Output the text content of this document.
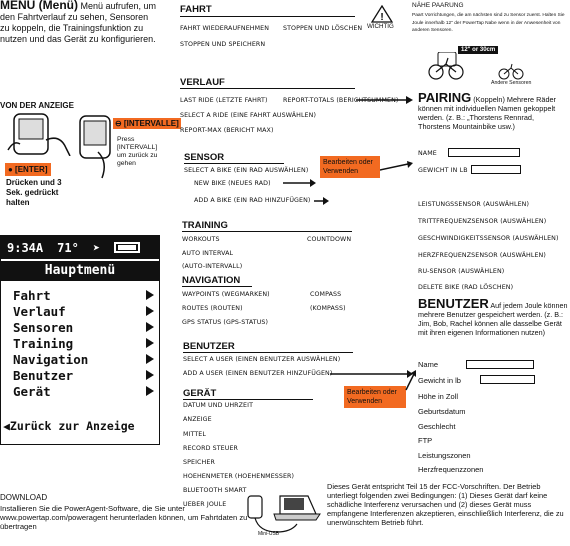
MENU (Menü) Menü aufrufen, um den Fahrtverlauf zu sehen, Sensoren zu koppeln, die Trainingsfunktion zu nutzen und das Gerät zu konfigurieren.
VON DER ANZEIGE
● [ENTER]
Drücken und 3 Sek. gedrückt halten
⊖ [INTERVALLE]
Press [INTERVALL] um zurück zu gehen
9:34A 71° ➤
Hauptmenü
Fahrt
Verlauf
Sensoren
Training
Navigation
Benutzer
Gerät
◀Zurück zur Anzeige
DOWNLOAD
Installieren Sie die PowerAgent-Software, die Sie unter www.powertap.com/poweragent herunterladen können, um Fahrtdaten zu übertragen
Mini-USB
FAHRT
FAHRT WIEDERAUFNEHMEN STOPPEN UND LÖSCHEN
STOPPEN UND SPEICHERN
!
WICHTIG
VERLAUF
LAST RIDE (LETZTE FAHRT) REPORT-TOTALS (BERICHTSUMMEN)
SELECT A RIDE (EINE FAHRT AUSWÄHLEN)
REPORT-MAX (BERICHT MAX)
SENSOR
SELECT A BIKE (EIN RAD AUSWÄHLEN)
NEW BIKE (NEUES RAD)
ADD A BIKE (EIN RAD HINZUFÜGEN)
Bearbeiten oder Verwenden
TRAINING
WORKOUTS	COUNTDOWN
AUTO INTERVAL
(AUTO-INTERVALL)
NAVIGATION
WAYPOINTS (WEGMARKEN)	COMPASS
ROUTES (ROUTEN)	(KOMPASS)
GPS STATUS (GPS-STATUS)
BENUTZER
SELECT A USER (EINEN BENUTZER AUSWÄHLEN)
ADD A USER (EINEN BENUTZER HINZUFÜGEN)
Bearbeiten oder Verwenden
GERÄT
DATUM UND UHRZEIT
ANZEIGE
MITTEL
RECORD STEUER
SPEICHER
HOEHENMETER (HOEHENMESSER)
BLUETOOTH SMART
UEBER JOULE
NÄHE PAARUNG
Paart Vorrichtungen, die am nächsten sind zu Sensor zuerst. Halten Sie Joule innerhalb 12" der PowerTap Nabe wenn in der Anwesenheit von anderen Sensoren.
12" or 30cm
Andere Sensoren
PAIRING (Koppeln) Mehrere Räder können mit individuellen Namen gekoppelt werden. (z. B.: „Thorstens Rennrad, Thorstens Mountainbike usw.)
NAME
GEWICHT IN LB
LEISTUNGSSENSOR (AUSWÄHLEN)
TRITTFREQUENZSENSOR (AUSWÄHLEN)
GESCHWINDIGKEITSSENSOR (AUSWÄHLEN)
HERZFREQUENZSENSOR (AUSWÄHLEN)
RU-SENSOR (AUSWÄHLEN)
DELETE BIKE (RAD LÖSCHEN)
BENUTZER Auf jedem Joule können mehrere Benutzer gespeichert werden. (z. B.: Jim, Bob, Rachel können alle dasselbe Gerät mit ihren eigenen Informationen nutzen)
Name
Gewicht in lb
Höhe in Zoll
Geburtsdatum
Geschlecht
FTP
Leistungszonen
Herzfrequenzzonen
Dieses Gerät entspricht Teil 15 der FCC-Vorschriften. Der Betrieb unterliegt folgenden zwei Bedingungen: (1) Dieses Gerät darf keine schädliche Interferenz verursachen und (2) dieses Gerät muss empfangene Interferenzen akzeptieren, einschließlich Interferenz, die zu unerwünschtem Betrieb führt.
